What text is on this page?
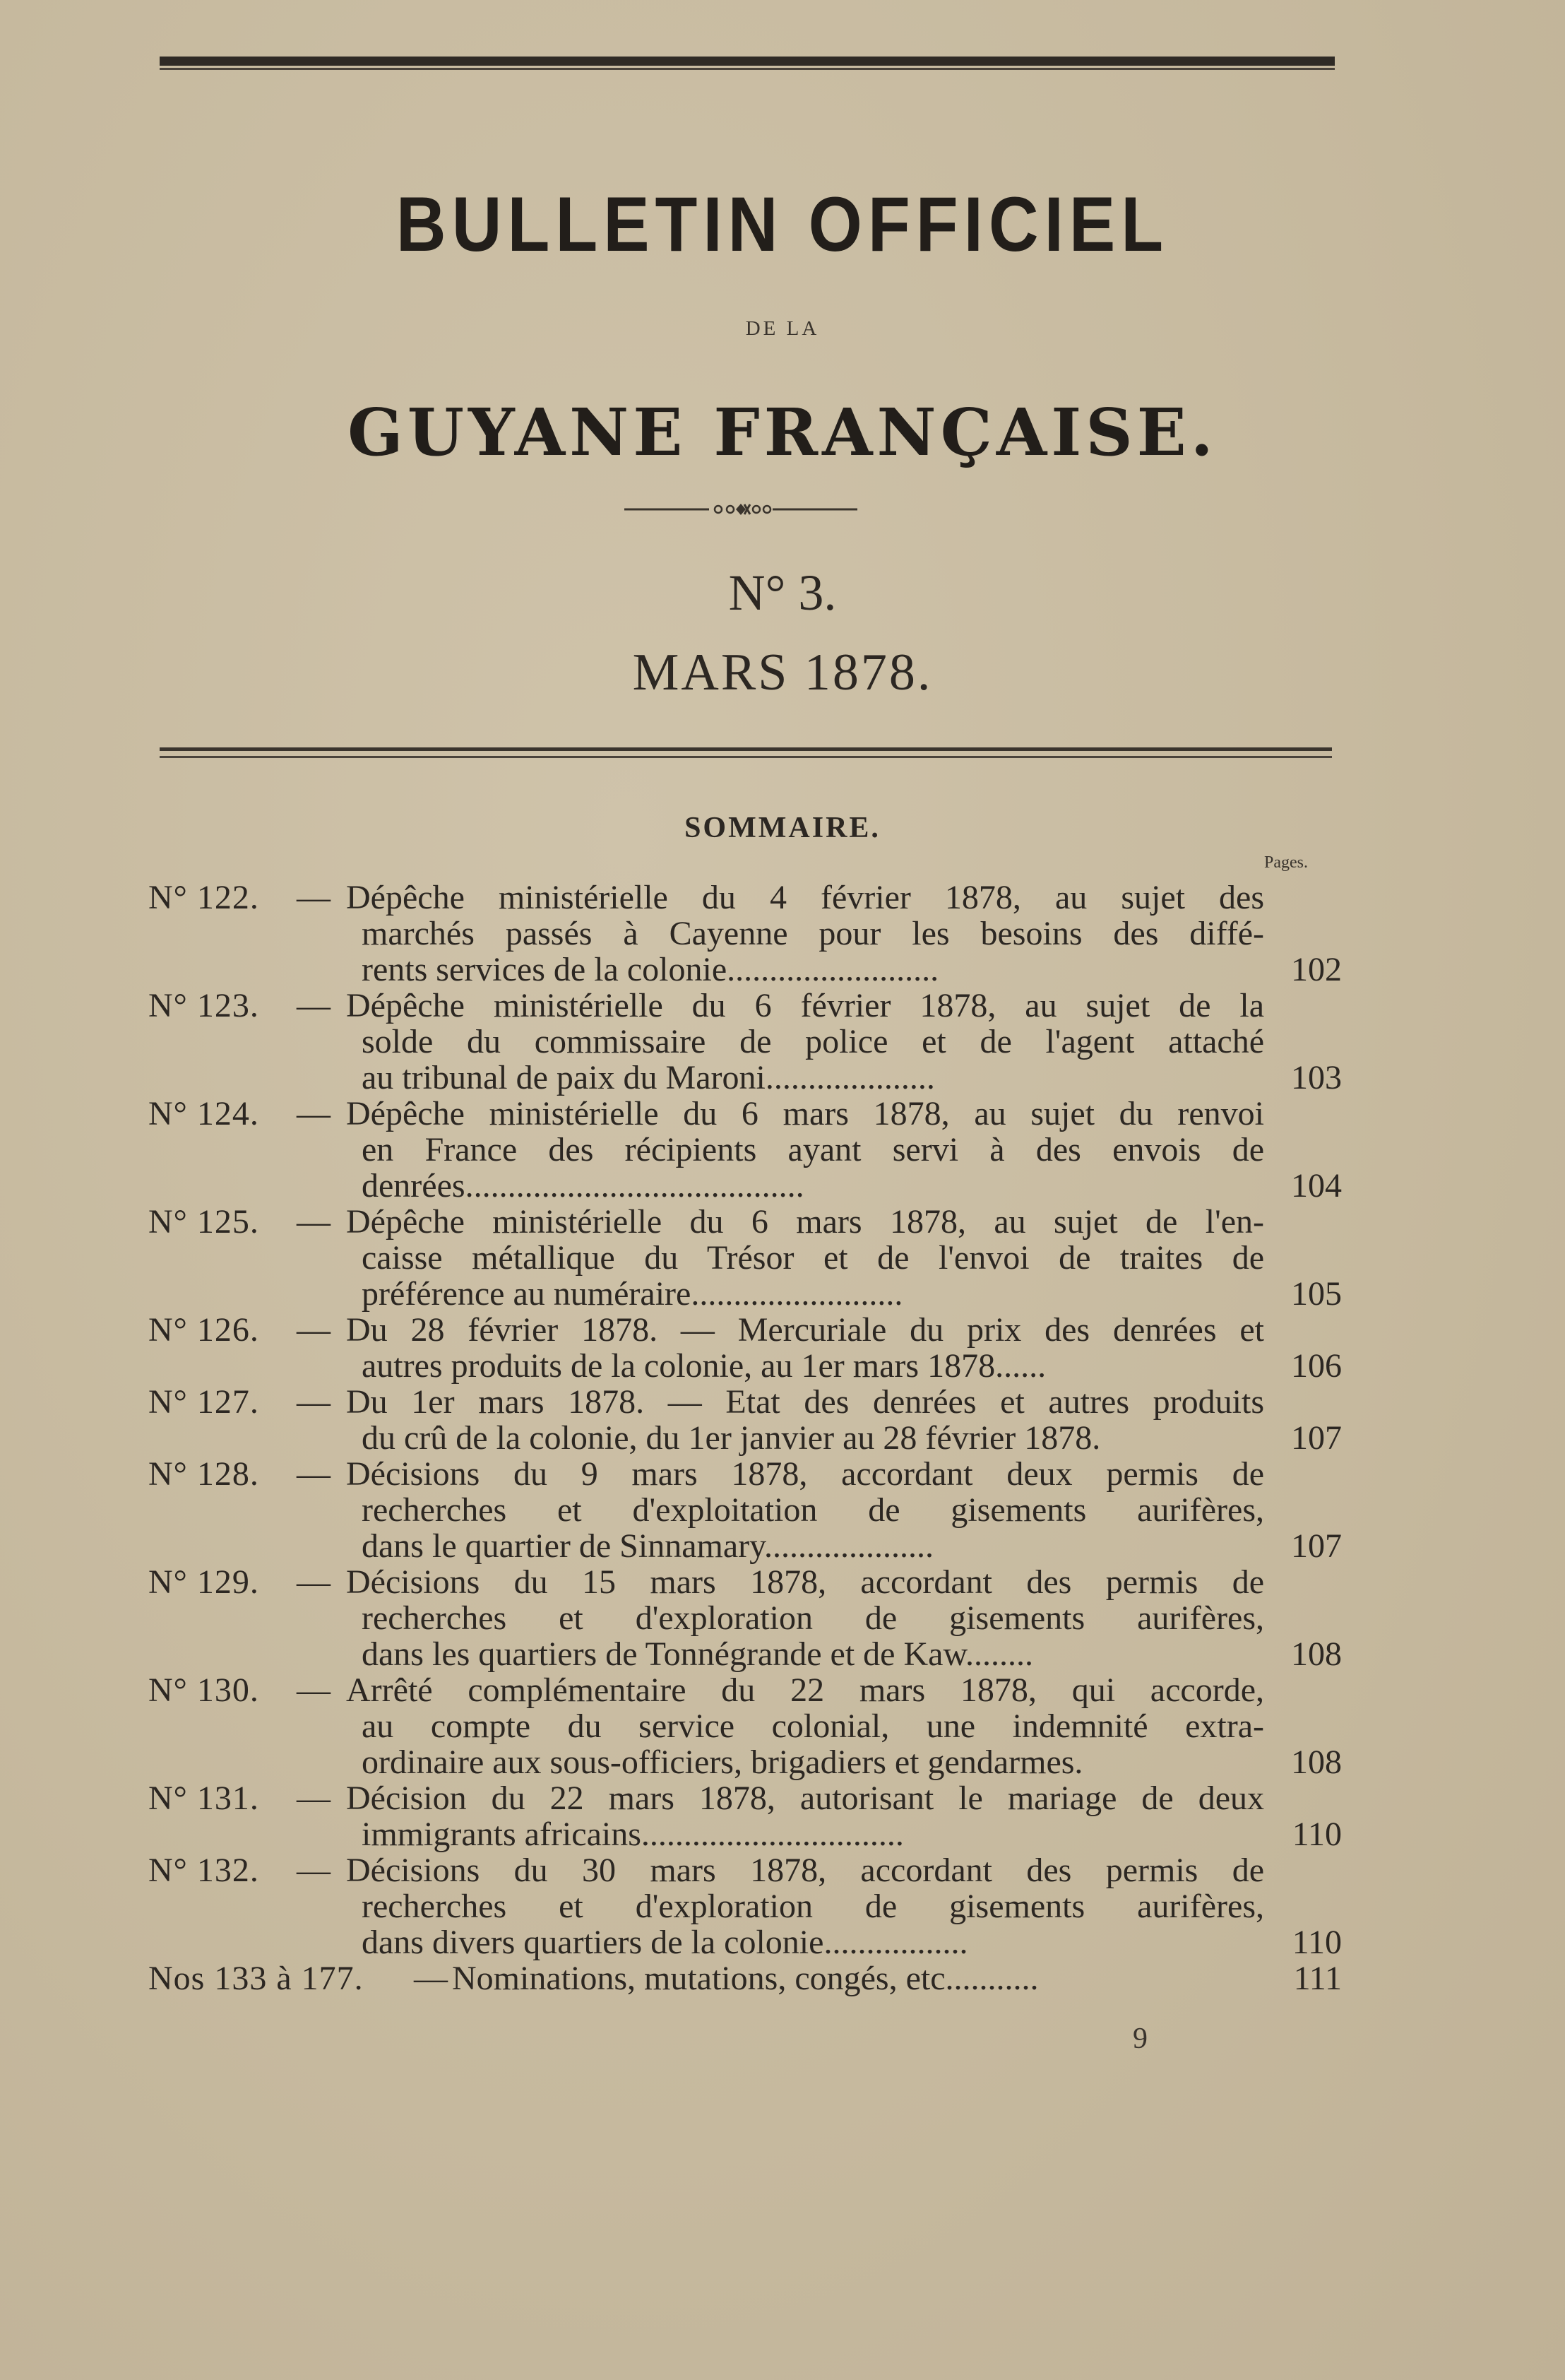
BULLETIN OFFICIEL
DE LA
GUYANE FRANÇAISE.
N° 3.
MARS 1878.
SOMMAIRE.
Pages.
N° 122.	— Dépêche ministérielle du 4 février 1878, au sujet des
marchés passés à Cayenne pour les besoins des diffé-
rents services de la colonie.........................	102
N° 123.	— Dépêche ministérielle du 6 février 1878, au sujet de la
solde du commissaire de police et de l'agent attaché
au tribunal de paix du Maroni....................	103
N° 124.	— Dépêche ministérielle du 6 mars 1878, au sujet du renvoi
en France des récipients ayant servi à des envois de
denrées........................................	104
N° 125.	— Dépêche ministérielle du 6 mars 1878, au sujet de l'en-
caisse métallique du Trésor et de l'envoi de traites de
préférence au numéraire.........................	105
N° 126.	— Du 28 février 1878. — Mercuriale du prix des denrées et
autres produits de la colonie, au 1er mars 1878......	106
N° 127.	— Du 1er mars 1878. — Etat des denrées et autres produits
du crû de la colonie, du 1er janvier au 28 février 1878.	107
N° 128.	— Décisions du 9 mars 1878, accordant deux permis de
recherches et d'exploitation de gisements aurifères,
dans le quartier de Sinnamary....................	107
N° 129.	— Décisions du 15 mars 1878, accordant des permis de
recherches et d'exploration de gisements aurifères,
dans les quartiers de Tonnégrande et de Kaw........	108
N° 130.	— Arrêté complémentaire du 22 mars 1878, qui accorde,
au compte du service colonial, une indemnité extra-
ordinaire aux sous-officiers, brigadiers et gendarmes.	108
N° 131.	— Décision du 22 mars 1878, autorisant le mariage de deux
immigrants africains...............................	110
N° 132.	— Décisions du 30 mars 1878, accordant des permis de
recherches et d'exploration de gisements aurifères,
dans divers quartiers de la colonie.................	110
Nos 133 à 177.	— Nominations, mutations, congés, etc...........	111
9
